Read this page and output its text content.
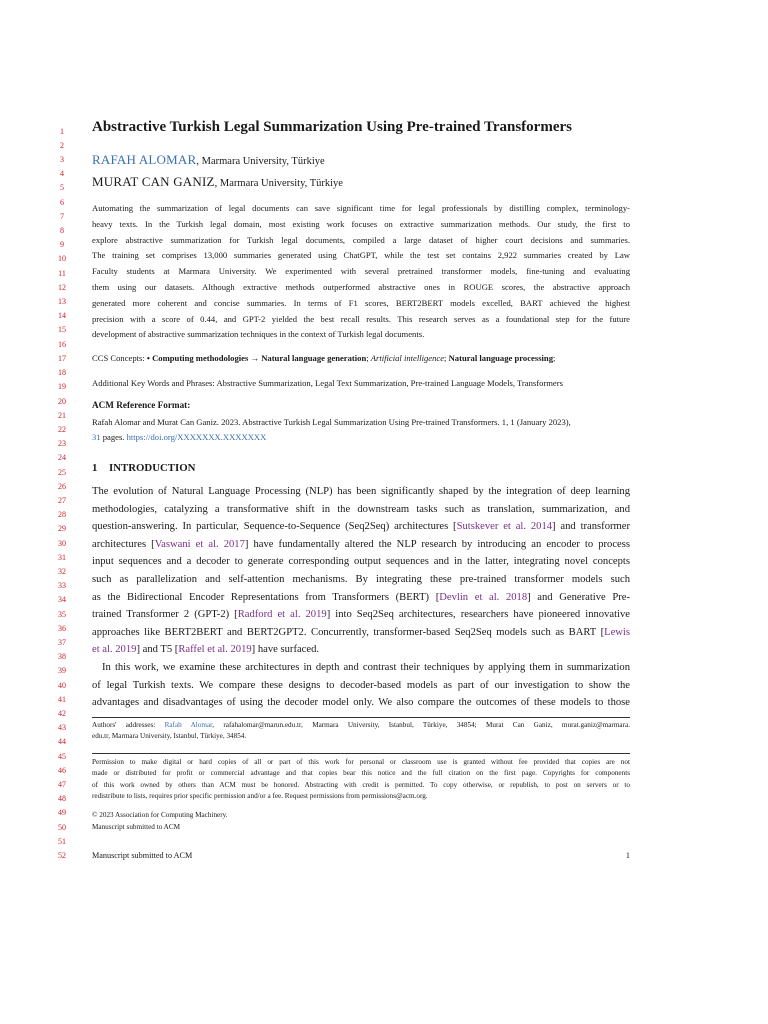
1
2
3
4
5
6
7
8
9
10
11
12
13
14
15
16
17
18
19
20
21
22
23
24
25
26
27
28
29
30
31
32
33
34
35
36
37
38
39
40
41
42
43
44
45
46
47
48
49
50
51
52
Abstractive Turkish Legal Summarization Using Pre-trained Transformers
RAFAH ALOMAR, Marmara University, Türkiye
MURAT CAN GANIZ, Marmara University, Türkiye
Automating the summarization of legal documents can save significant time for legal professionals by distilling complex, terminology-
heavy texts. In the Turkish legal domain, most existing work focuses on extractive summarization methods. Our study, the first to
explore abstractive summarization for Turkish legal documents, compiled a large dataset of higher court decisions and summaries.
The training set comprises 13,000 summaries generated using ChatGPT, while the test set contains 2,922 summaries created by Law
Faculty students at Marmara University. We experimented with several pretrained transformer models, fine-tuning and evaluating
them using our datasets. Although extractive methods outperformed abstractive ones in ROUGE scores, the abstractive approach
generated more coherent and concise summaries. In terms of F1 scores, BERT2BERT models excelled, BART achieved the highest
precision with a score of 0.44, and GPT-2 yielded the best recall results. This research serves as a foundational step for the future
development of abstractive summarization techniques in the context of Turkish legal documents.
CCS Concepts: • Computing methodologies → Natural language generation; Artificial intelligence; Natural language processing;
Additional Key Words and Phrases: Abstractive Summarization, Legal Text Summarization, Pre-trained Language Models, Transformers
ACM Reference Format:
Rafah Alomar and Murat Can Ganiz. 2023. Abstractive Turkish Legal Summarization Using Pre-trained Transformers. 1, 1 (January 2023),
31 pages. https://doi.org/XXXXXXX.XXXXXXX
1 INTRODUCTION
The evolution of Natural Language Processing (NLP) has been significantly shaped by the integration of deep learning
methodologies, catalyzing a transformative shift in the downstream tasks such as translation, summarization, and
question-answering. In particular, Sequence-to-Sequence (Seq2Seq) architectures [Sutskever et al. 2014] and transformer
architectures [Vaswani et al. 2017] have fundamentally altered the NLP research by introducing an encoder to process
input sequences and a decoder to generate corresponding output sequences and in the latter, integrating novel concepts
such as parallelization and self-attention mechanisms. By integrating these pre-trained transformer models such
as the Bidirectional Encoder Representations from Transformers (BERT) [Devlin et al. 2018] and Generative Pre-
trained Transformer 2 (GPT-2) [Radford et al. 2019] into Seq2Seq architectures, researchers have pioneered innovative
approaches like BERT2BERT and BERT2GPT2. Concurrently, transformer-based Seq2Seq models such as BART [Lewis
et al. 2019] and T5 [Raffel et al. 2019] have surfaced.
In this work, we examine these architectures in depth and contrast their techniques by applying them in summarization
of legal Turkish texts. We compare these designs to decoder-based models as part of our investigation to show the
advantages and disadvantages of using the decoder model only. We also compare the outcomes of these models to those
Authors' addresses: Rafah Alomar, rafahalomar@marun.edu.tr, Marmara University, Istanbul, Türkiye, 34854; Murat Can Ganiz, murat.ganiz@marmara.
edu.tr, Marmara University, Istanbul, Türkiye, 34854.
Permission to make digital or hard copies of all or part of this work for personal or classroom use is granted without fee provided that copies are not
made or distributed for profit or commercial advantage and that copies bear this notice and the full citation on the first page. Copyrights for components
of this work owned by others than ACM must be honored. Abstracting with credit is permitted. To copy otherwise, or republish, to post on servers or to
redistribute to lists, requires prior specific permission and/or a fee. Request permissions from permissions@acm.org.
© 2023 Association for Computing Machinery.
Manuscript submitted to ACM
Manuscript submitted to ACM	1
